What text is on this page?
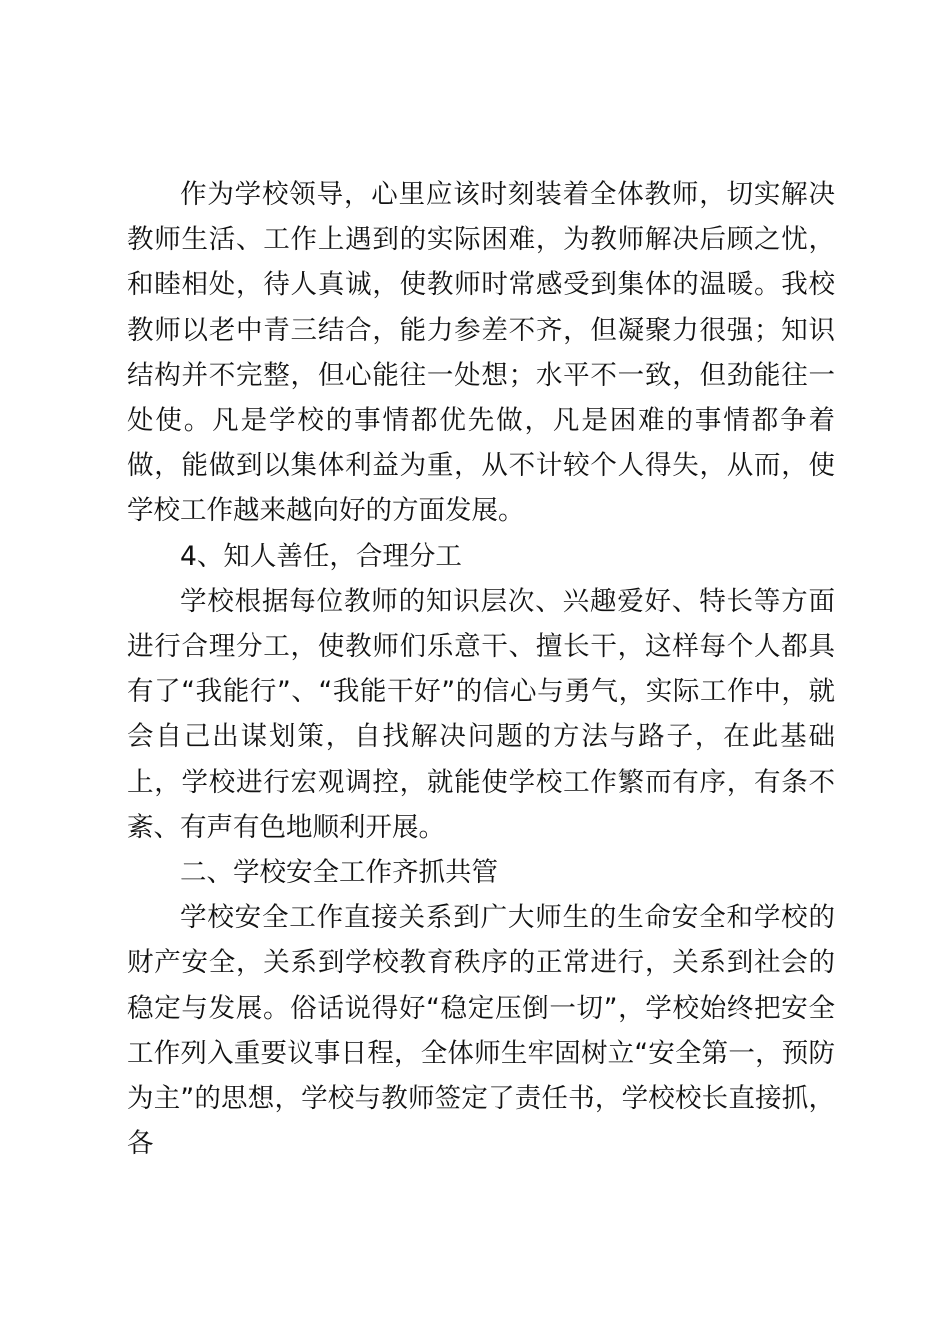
作为学校领导，心里应该时刻装着全体教师，切实解决教师生活、工作上遇到的实际困难，为教师解决后顾之忧，和睦相处，待人真诚，使教师时常感受到集体的温暖。我校教师以老中青三结合，能力参差不齐，但凝聚力很强；知识结构并不完整，但心能往一处想；水平不一致，但劲能往一处使。凡是学校的事情都优先做，凡是困难的事情都争着做，能做到以集体利益为重，从不计较个人得失，从而，使学校工作越来越向好的方面发展。

4、知人善任，合理分工

学校根据每位教师的知识层次、兴趣爱好、特长等方面进行合理分工，使教师们乐意干、擅长干，这样每个人都具有了“我能行”、“我能干好”的信心与勇气，实际工作中，就会自己出谋划策，自找解决问题的方法与路子，在此基础上，学校进行宏观调控，就能使学校工作繁而有序，有条不紊、有声有色地顺利开展。

二、学校安全工作齐抓共管

学校安全工作直接关系到广大师生的生命安全和学校的财产安全，关系到学校教育秩序的正常进行，关系到社会的稳定与发展。俗话说得好“稳定压倒一切”，学校始终把安全工作列入重要议事日程，全体师生牢固树立“安全第一，预防为主”的思想，学校与教师签定了责任书，学校校长直接抓，各
